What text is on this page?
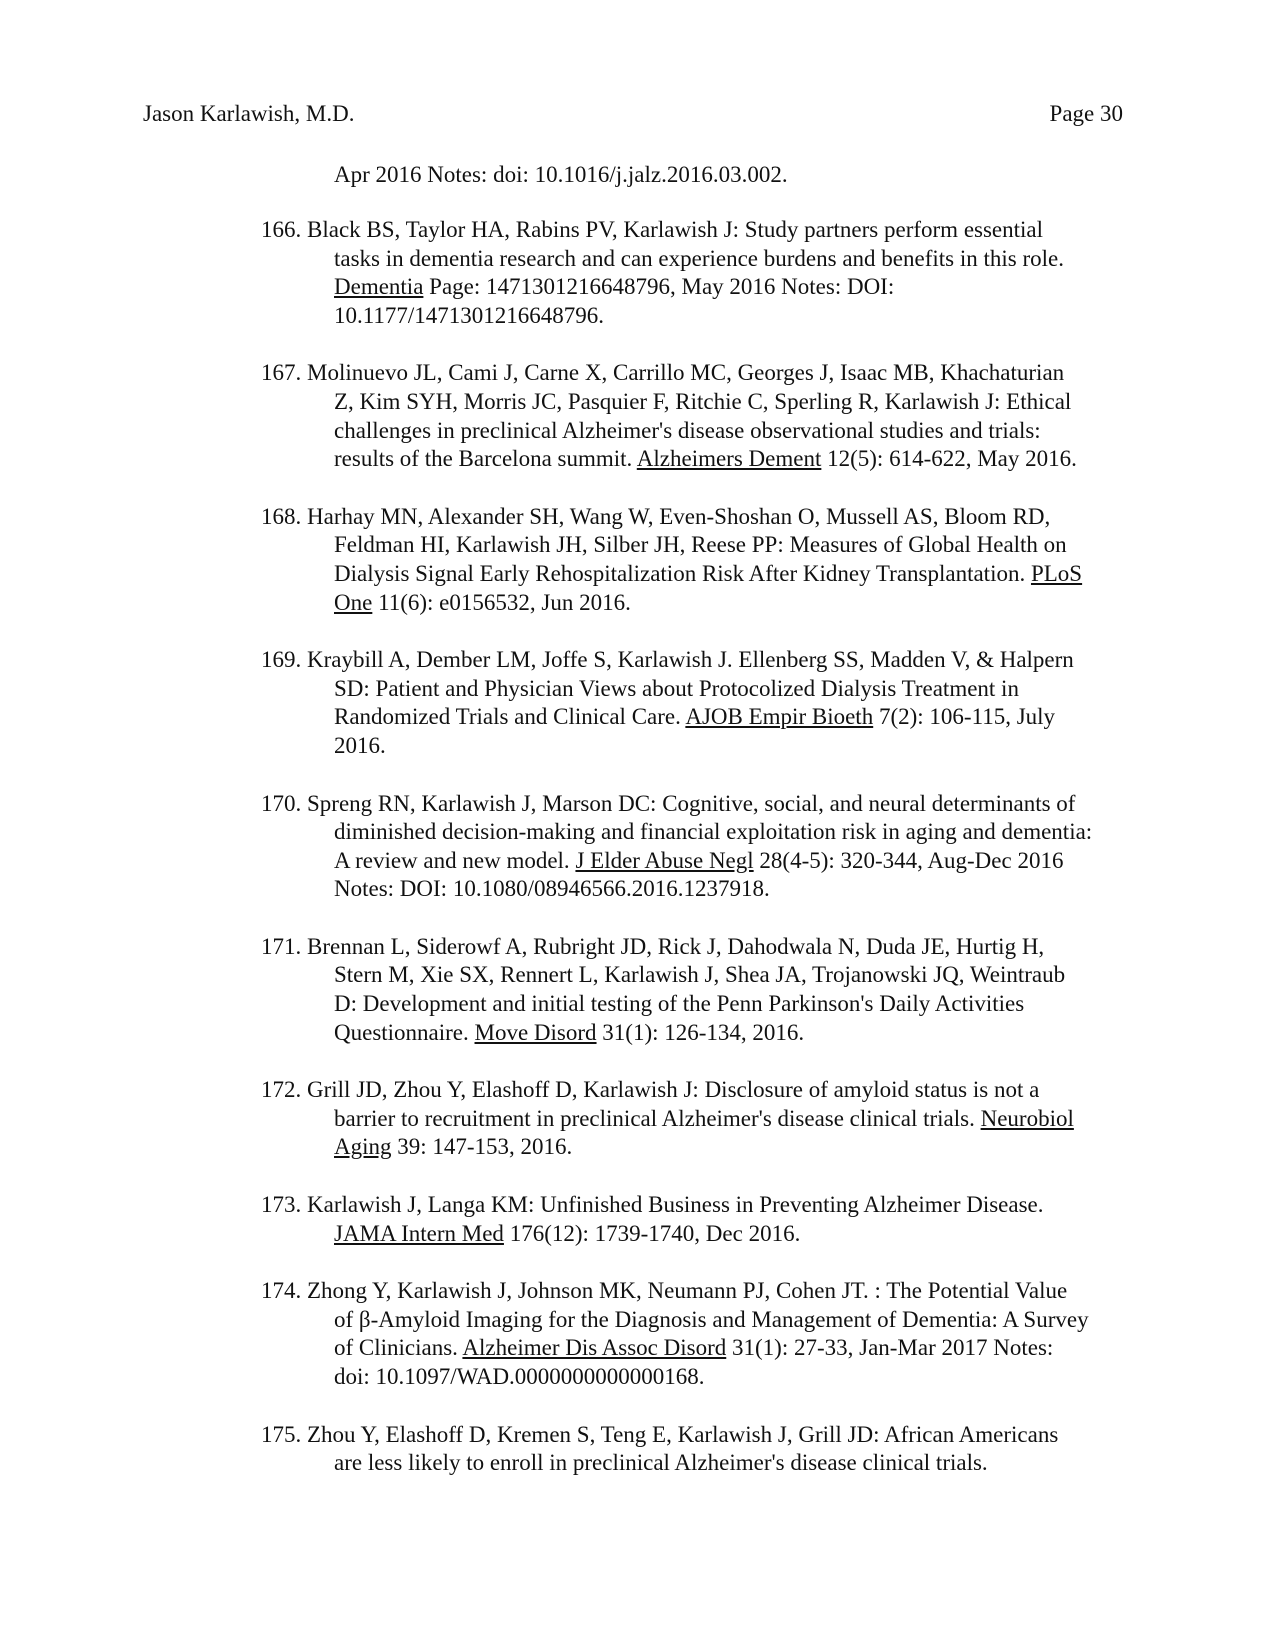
Jason Karlawish, M.D.	Page 30
Apr 2016 Notes: doi: 10.1016/j.jalz.2016.03.002.
166. Black BS, Taylor HA, Rabins PV, Karlawish J: Study partners perform essential
tasks in dementia research and can experience burdens and benefits in this role.
Dementia Page: 1471301216648796, May 2016 Notes: DOI:
10.1177/1471301216648796.
167. Molinuevo JL, Cami J, Carne X, Carrillo MC, Georges J, Isaac MB, Khachaturian
Z, Kim SYH, Morris JC, Pasquier F, Ritchie C, Sperling R, Karlawish J: Ethical
challenges in preclinical Alzheimer's disease observational studies and trials:
results of the Barcelona summit. Alzheimers Dement 12(5): 614-622, May 2016.
168. Harhay MN, Alexander SH, Wang W, Even-Shoshan O, Mussell AS, Bloom RD,
Feldman HI, Karlawish JH, Silber JH, Reese PP: Measures of Global Health on
Dialysis Signal Early Rehospitalization Risk After Kidney Transplantation. PLoS
One 11(6): e0156532, Jun 2016.
169. Kraybill A, Dember LM, Joffe S, Karlawish J. Ellenberg SS, Madden V, & Halpern
SD: Patient and Physician Views about Protocolized Dialysis Treatment in
Randomized Trials and Clinical Care. AJOB Empir Bioeth 7(2): 106-115, July
2016.
170. Spreng RN, Karlawish J, Marson DC: Cognitive, social, and neural determinants of
diminished decision-making and financial exploitation risk in aging and dementia:
A review and new model. J Elder Abuse Negl 28(4-5): 320-344, Aug-Dec 2016
Notes: DOI: 10.1080/08946566.2016.1237918.
171. Brennan L, Siderowf A, Rubright JD, Rick J, Dahodwala N, Duda JE, Hurtig H,
Stern M, Xie SX, Rennert L, Karlawish J, Shea JA, Trojanowski JQ, Weintraub
D: Development and initial testing of the Penn Parkinson's Daily Activities
Questionnaire. Move Disord 31(1): 126-134, 2016.
172. Grill JD, Zhou Y, Elashoff D, Karlawish J: Disclosure of amyloid status is not a
barrier to recruitment in preclinical Alzheimer's disease clinical trials. Neurobiol
Aging 39: 147-153, 2016.
173. Karlawish J, Langa KM: Unfinished Business in Preventing Alzheimer Disease.
JAMA Intern Med 176(12): 1739-1740, Dec 2016.
174. Zhong Y, Karlawish J, Johnson MK, Neumann PJ, Cohen JT. : The Potential Value
of β-Amyloid Imaging for the Diagnosis and Management of Dementia: A Survey
of Clinicians. Alzheimer Dis Assoc Disord 31(1): 27-33, Jan-Mar 2017 Notes:
doi: 10.1097/WAD.0000000000000168.
175. Zhou Y, Elashoff D, Kremen S, Teng E, Karlawish J, Grill JD: African Americans
are less likely to enroll in preclinical Alzheimer's disease clinical trials.
